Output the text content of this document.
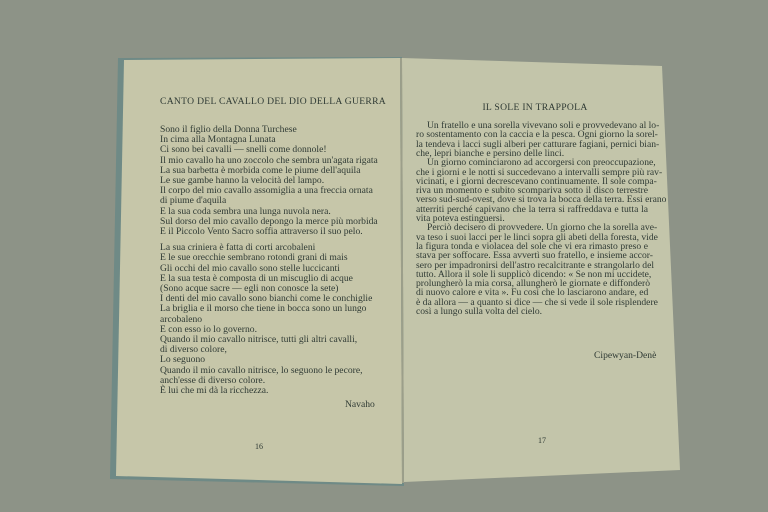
CANTO DEL CAVALLO DEL DIO DELLA GUERRA
Sono il figlio della Donna Turchese
In cima alla Montagna Lunata
Ci sono bei cavalli — snelli come donnole!
Il mio cavallo ha uno zoccolo che sembra un'agata rigata
La sua barbetta è morbida come le piume dell'aquila
Le sue gambe hanno la velocità del lampo.
Il corpo del mio cavallo assomiglia a una freccia ornata
di piume d'aquila
E la sua coda sembra una lunga nuvola nera.
Sul dorso del mio cavallo depongo la merce più morbida
E il Piccolo Vento Sacro soffia attraverso il suo pelo.
La sua criniera è fatta di corti arcobaleni
E le sue orecchie sembrano rotondi grani di mais
Gli occhi del mio cavallo sono stelle luccicanti
E la sua testa è composta di un miscuglio di acque
(Sono acque sacre — egli non conosce la sete)
I denti del mio cavallo sono bianchi come le conchiglie
La briglia e il morso che tiene in bocca sono un lungo
arcobaleno
E con esso io lo governo.
Quando il mio cavallo nitrisce, tutti gli altri cavalli,
di diverso colore,
Lo seguono
Quando il mio cavallo nitrisce, lo seguono le pecore,
anch'esse di diverso colore.
È lui che mi dà la ricchezza.
Navaho
16
IL SOLE IN TRAPPOLA
Un fratello e una sorella vivevano soli e provvedevano al lo-
ro sostentamento con la caccia e la pesca. Ogni giorno la sorel-
la tendeva i lacci sugli alberi per catturare fagiani, pernici bian-
che, lepri bianche e persino delle linci.
Un giorno cominciarono ad accorgersi con preoccupazione,
che i giorni e le notti si succedevano a intervalli sempre più rav-
vicinati, e i giorni decrescevano continuamente. Il sole compa-
riva un momento e subito scompariva sotto il disco terrestre
verso sud-sud-ovest, dove si trova la bocca della terra. Essi erano
atterriti perché capivano che la terra si raffreddava e tutta la
vita poteva estinguersi.
Perciò decisero di provvedere. Un giorno che la sorella ave-
va teso i suoi lacci per le linci sopra gli abeti della foresta, vide
la figura tonda e violacea del sole che vi era rimasto preso e
stava per soffocare. Essa avvertì suo fratello, e insieme accor-
sero per impadronirsi dell'astro recalcitrante e strangolarlo del
tutto. Allora il sole li supplicò dicendo: « Se non mi uccidete,
prolungherò la mia corsa, allungherò le giornate e diffonderò
di nuovo calore e vita ». Fu così che lo lasciarono andare, ed
è da allora — a quanto si dice — che si vede il sole risplendere
così a lungo sulla volta del cielo.
Cipewyan-Denè
17
